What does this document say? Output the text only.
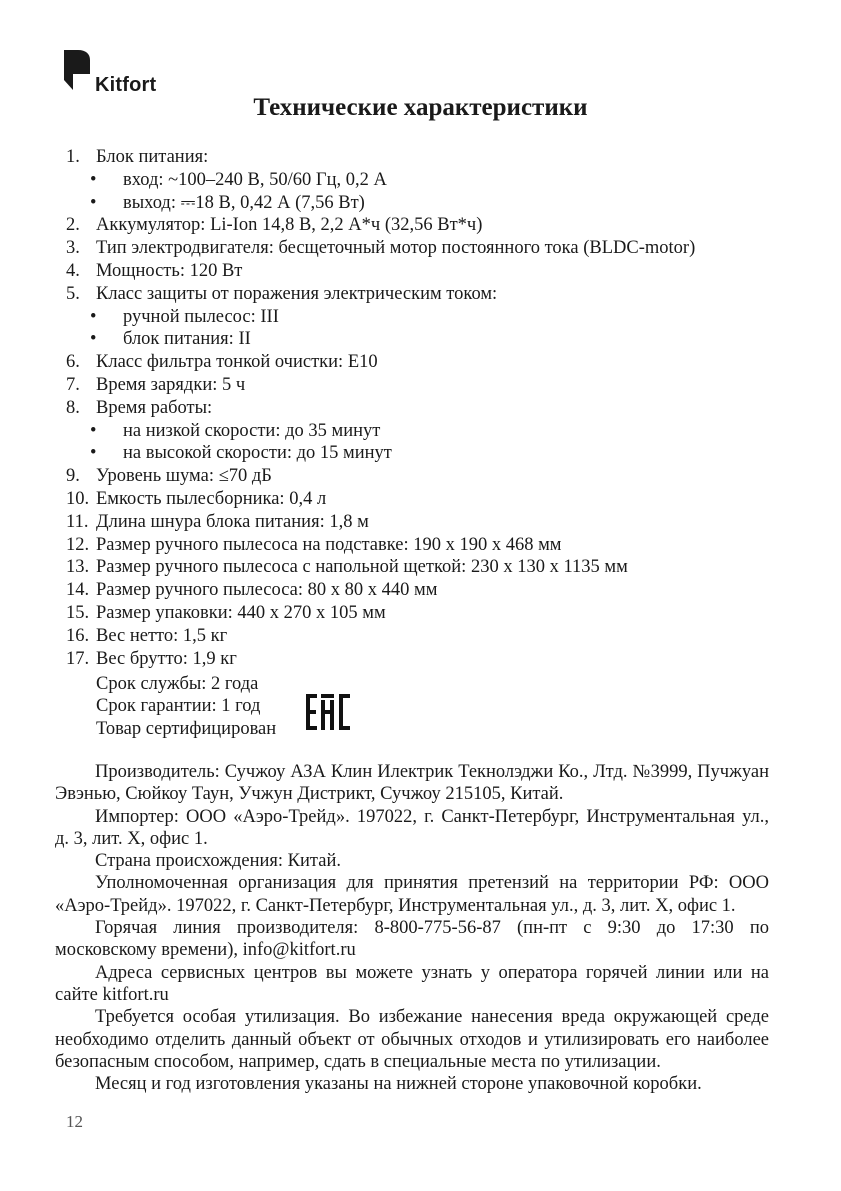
Kitfort
Технические характеристики
1. Блок питания:
• вход: ~100–240 В, 50/60 Гц, 0,2 А
• выход: ⎓18 В, 0,42 А (7,56 Вт)
2. Аккумулятор: Li-Ion 14,8 В, 2,2 А*ч (32,56 Вт*ч)
3. Тип электродвигателя: бесщеточный мотор постоянного тока (BLDC-motor)
4. Мощность: 120 Вт
5. Класс защиты от поражения электрическим током:
• ручной пылесос: III
• блок питания: II
6. Класс фильтра тонкой очистки: E10
7. Время зарядки: 5 ч
8. Время работы:
• на низкой скорости: до 35 минут
• на высокой скорости: до 15 минут
9. Уровень шума: ≤70 дБ
10. Емкость пылесборника: 0,4 л
11. Длина шнура блока питания: 1,8 м
12. Размер ручного пылесоса на подставке: 190 х 190 х 468 мм
13. Размер ручного пылесоса с напольной щеткой: 230 х 130 х 1135 мм
14. Размер ручного пылесоса: 80 х 80 х 440 мм
15. Размер упаковки: 440 х 270 х 105 мм
16. Вес нетто: 1,5 кг
17. Вес брутто: 1,9 кг
Срок службы: 2 года
Срок гарантии: 1 год
Товар сертифицирован

Производитель: Сучжоу АЗА Клин Илектрик Текнолэджи Ко., Лтд. №3999, Пучжуан Эвэнью, Сюйкоу Таун, Учжун Дистрикт, Сучжоу 215105, Китай.

Импортер: ООО «Аэро-Трейд». 197022, г. Санкт-Петербург, Инструментальная ул., д. 3, лит. Х, офис 1.

Страна происхождения: Китай.

Уполномоченная организация для принятия претензий на территории РФ: ООО «Аэро-Трейд». 197022, г. Санкт-Петербург, Инструментальная ул., д. 3, лит. Х, офис 1.

Горячая линия производителя: 8-800-775-56-87 (пн-пт с 9:30 до 17:30 по московскому времени), info@kitfort.ru

Адреса сервисных центров вы можете узнать у оператора горячей линии или на сайте kitfort.ru

Требуется особая утилизация. Во избежание нанесения вреда окружающей среде необходимо отделить данный объект от обычных отходов и утилизировать его наиболее безопасным способом, например, сдать в специальные места по утилизации.

Месяц и год изготовления указаны на нижней стороне упаковочной коробки.

12
